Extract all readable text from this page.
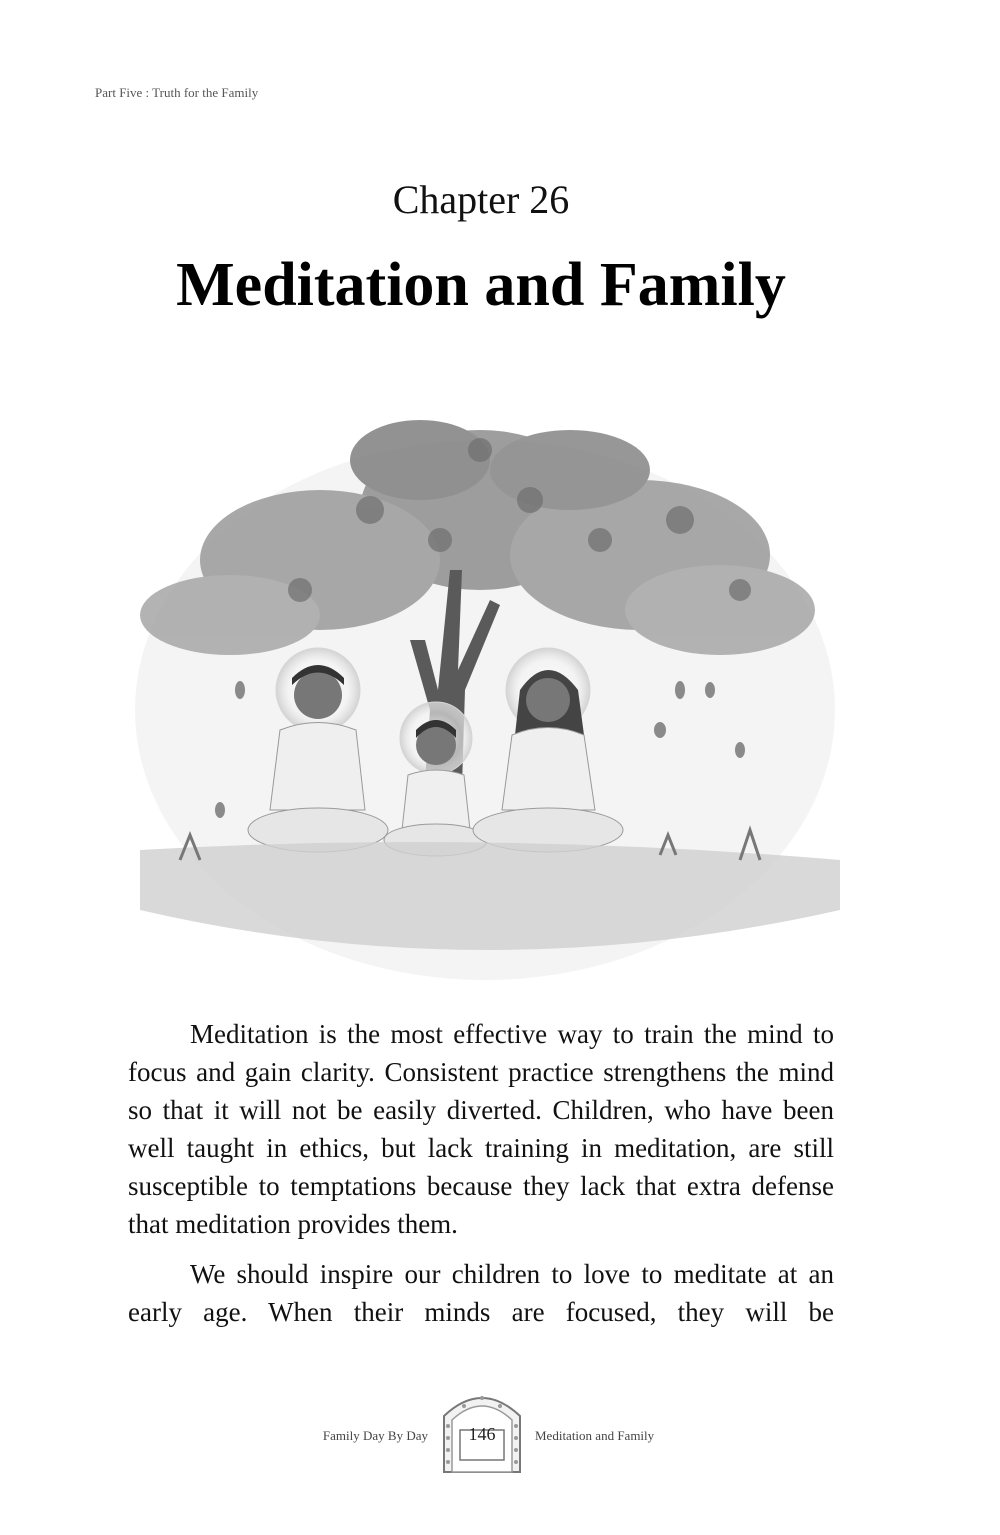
Part Five : Truth for the Family
Chapter 26
Meditation and Family

Meditation is the most effective way to train the mind to focus and gain clarity. Consistent practice strengthens the mind so that it will not be easily diverted. Children, who have been well taught in ethics, but lack training in meditation, are still susceptible to temptations because they lack that extra defense that meditation provides them.

We should inspire our children to love to meditate at an early age. When their minds are focused, they will be

Family Day By Day	146	Meditation and Family
